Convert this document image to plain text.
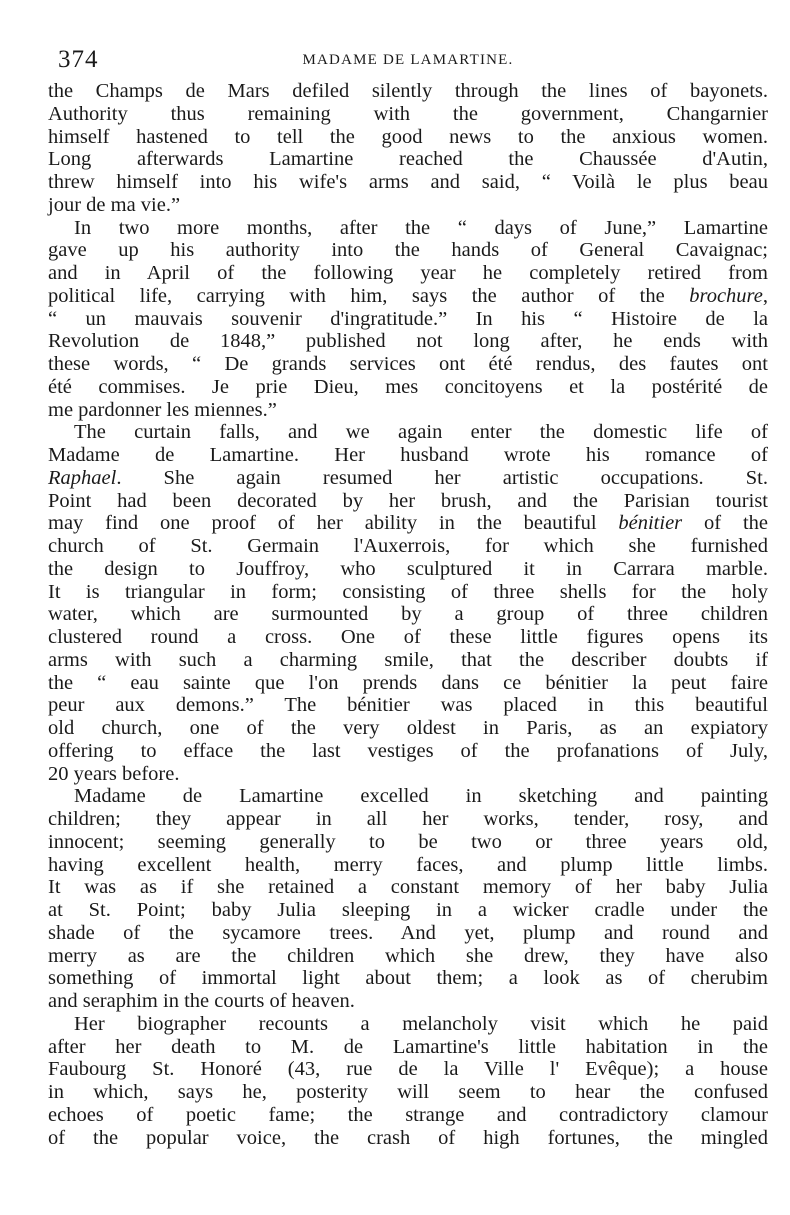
374	MADAME DE LAMARTINE.
the Champs de Mars defiled silently through the lines of bayonets.
Authority thus remaining with the government, Changarnier
himself hastened to tell the good news to the anxious women.
Long afterwards Lamartine reached the Chaussée d'Autin,
threw himself into his wife's arms and said, “ Voilà le plus beau
jour de ma vie.”
In two more months, after the “ days of June,” Lamartine
gave up his authority into the hands of General Cavaignac;
and in April of the following year he completely retired from
political life, carrying with him, says the author of the brochure,
“ un mauvais souvenir d'ingratitude.” In his “ Histoire de la
Revolution de 1848,” published not long after, he ends with
these words, “ De grands services ont été rendus, des fautes ont
été commises. Je prie Dieu, mes concitoyens et la postérité de
me pardonner les miennes.”
The curtain falls, and we again enter the domestic life of
Madame de Lamartine. Her husband wrote his romance of
Raphael. She again resumed her artistic occupations. St.
Point had been decorated by her brush, and the Parisian tourist
may find one proof of her ability in the beautiful bénitier of the
church of St. Germain l'Auxerrois, for which she furnished
the design to Jouffroy, who sculptured it in Carrara marble.
It is triangular in form; consisting of three shells for the holy
water, which are surmounted by a group of three children
clustered round a cross. One of these little figures opens its
arms with such a charming smile, that the describer doubts if
the “ eau sainte que l'on prends dans ce bénitier la peut faire
peur aux demons.” The bénitier was placed in this beautiful
old church, one of the very oldest in Paris, as an expiatory
offering to efface the last vestiges of the profanations of July,
20 years before.
Madame de Lamartine excelled in sketching and painting
children; they appear in all her works, tender, rosy, and
innocent; seeming generally to be two or three years old,
having excellent health, merry faces, and plump little limbs.
It was as if she retained a constant memory of her baby Julia
at St. Point; baby Julia sleeping in a wicker cradle under the
shade of the sycamore trees. And yet, plump and round and
merry as are the children which she drew, they have also
something of immortal light about them; a look as of cherubim
and seraphim in the courts of heaven.
Her biographer recounts a melancholy visit which he paid
after her death to M. de Lamartine's little habitation in the
Faubourg St. Honoré (43, rue de la Ville l' Evêque); a house
in which, says he, posterity will seem to hear the confused
echoes of poetic fame; the strange and contradictory clamour
of the popular voice, the crash of high fortunes, the mingled
